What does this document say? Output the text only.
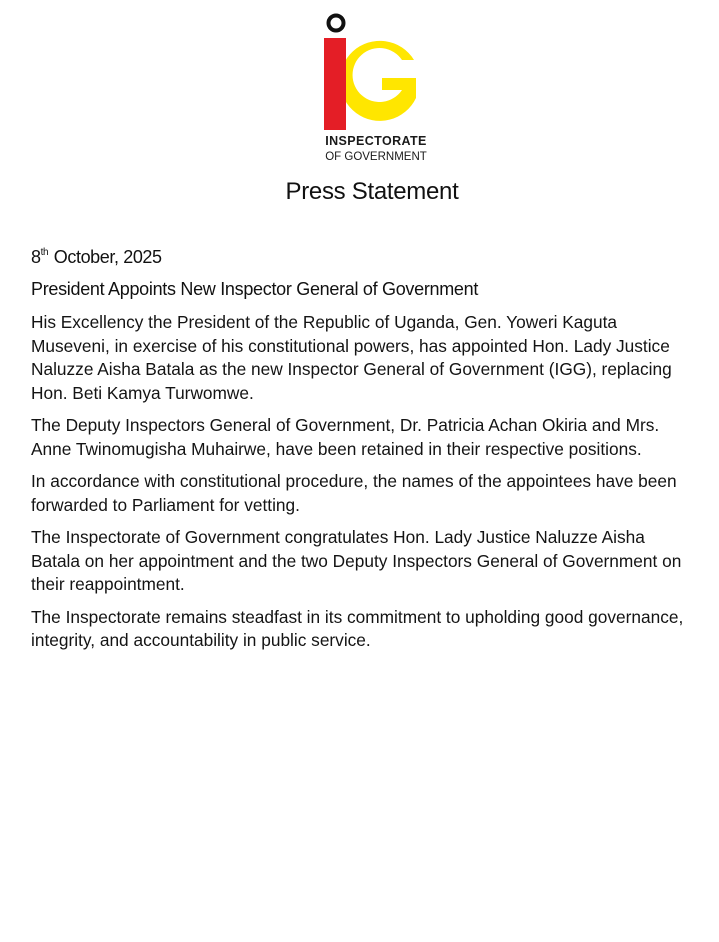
INSPECTORATE
OF GOVERNMENT
Press Statement
8th October, 2025
President Appoints New Inspector General of Government

His Excellency the President of the Republic of Uganda, Gen. Yoweri Kaguta Museveni, in exercise of his constitutional powers, has appointed Hon. Lady Justice Naluzze Aisha Batala as the new Inspector General of Government (IGG), replacing Hon. Beti Kamya Turwomwe.

The Deputy Inspectors General of Government, Dr. Patricia Achan Okiria and Mrs. Anne Twinomugisha Muhairwe, have been retained in their respective positions.

In accordance with constitutional procedure, the names of the appointees have been forwarded to Parliament for vetting.

The Inspectorate of Government congratulates Hon. Lady Justice Naluzze Aisha Batala on her appointment and the two Deputy Inspectors General of Government on their reappointment.

The Inspectorate remains steadfast in its commitment to upholding good governance, integrity, and accountability in public service.
